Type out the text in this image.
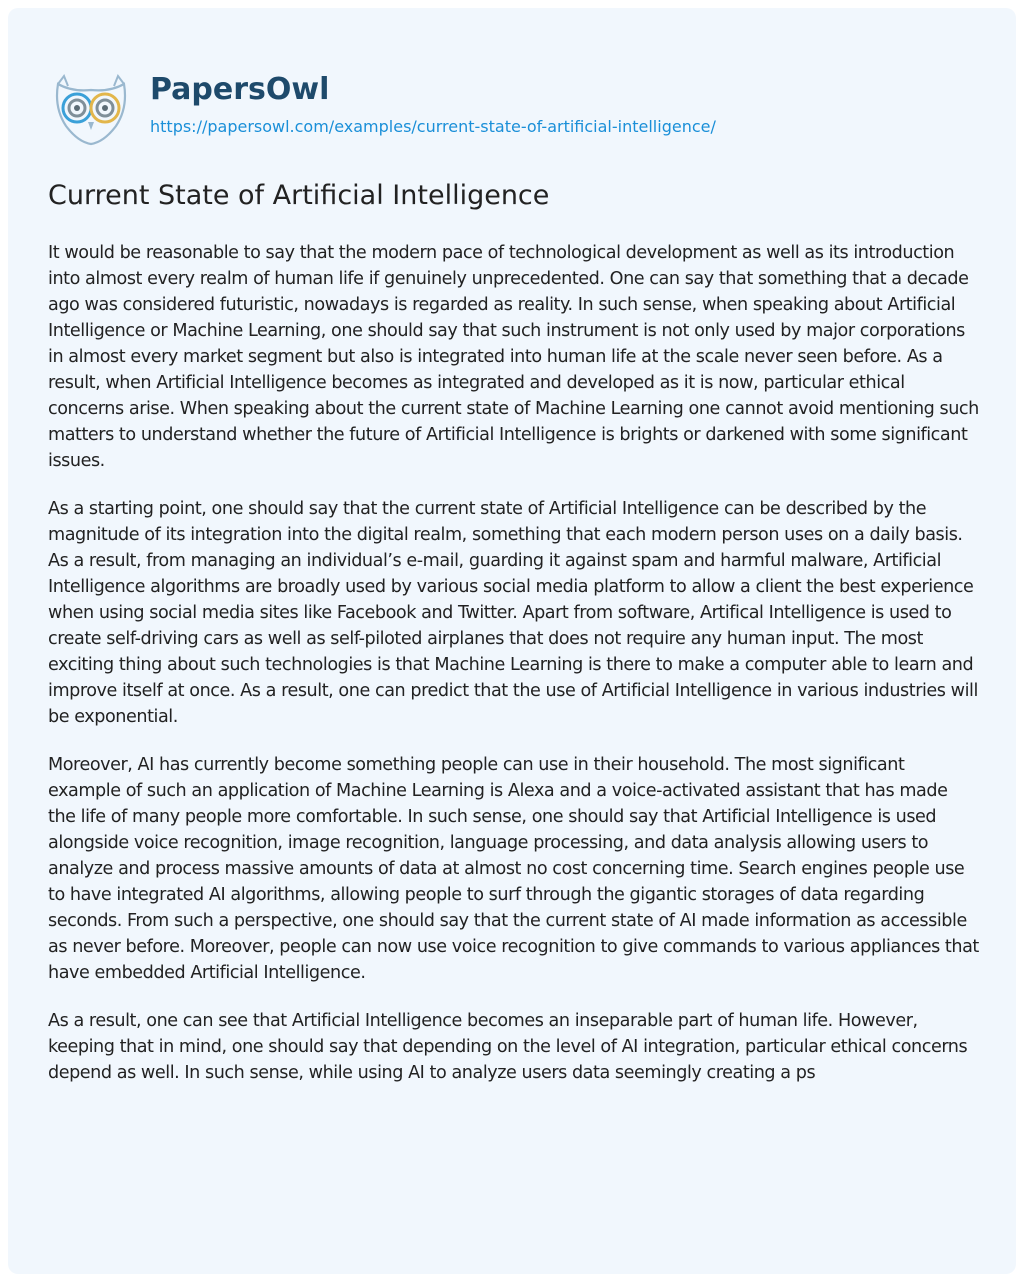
PapersOwl

https://papersowl.com/examples/current-state-of-artificial-intelligence/
Current State of Artificial Intelligence

It would be reasonable to say that the modern pace of technological development as well as its introduction into almost every realm of human life if genuinely unprecedented. One can say that something that a decade ago was considered futuristic, nowadays is regarded as reality. In such sense, when speaking about Artificial Intelligence or Machine Learning, one should say that such instrument is not only used by major corporations in almost every market segment but also is integrated into human life at the scale never seen before. As a result, when Artificial Intelligence becomes as integrated and developed as it is now, particular ethical concerns arise. When speaking about the current state of Machine Learning one cannot avoid mentioning such matters to understand whether the future of Artificial Intelligence is brights or darkened with some significant issues.

As a starting point, one should say that the current state of Artificial Intelligence can be described by the magnitude of its integration into the digital realm, something that each modern person uses on a daily basis. As a result, from managing an individual’s e-mail, guarding it against spam and harmful malware, Artificial Intelligence algorithms are broadly used by various social media platform to allow a client the best experience when using social media sites like Facebook and Twitter. Apart from software, Artifical Intelligence is used to create self-driving cars as well as self-piloted airplanes that does not require any human input. The most exciting thing about such technologies is that Machine Learning is there to make a computer able to learn and improve itself at once. As a result, one can predict that the use of Artificial Intelligence in various industries will be exponential.

Moreover, AI has currently become something people can use in their household. The most significant example of such an application of Machine Learning is Alexa and a voice-activated assistant that has made the life of many people more comfortable. In such sense, one should say that Artificial Intelligence is used alongside voice recognition, image recognition, language processing, and data analysis allowing users to analyze and process massive amounts of data at almost no cost concerning time. Search engines people use to have integrated AI algorithms, allowing people to surf through the gigantic storages of data regarding seconds. From such a perspective, one should say that the current state of AI made information as accessible as never before. Moreover, people can now use voice recognition to give commands to various appliances that have embedded Artificial Intelligence.

As a result, one can see that Artificial Intelligence becomes an inseparable part of human life. However, keeping that in mind, one should say that depending on the level of AI integration, particular ethical concerns depend as well. In such sense, while using AI to analyze users data seemingly creating a ps
